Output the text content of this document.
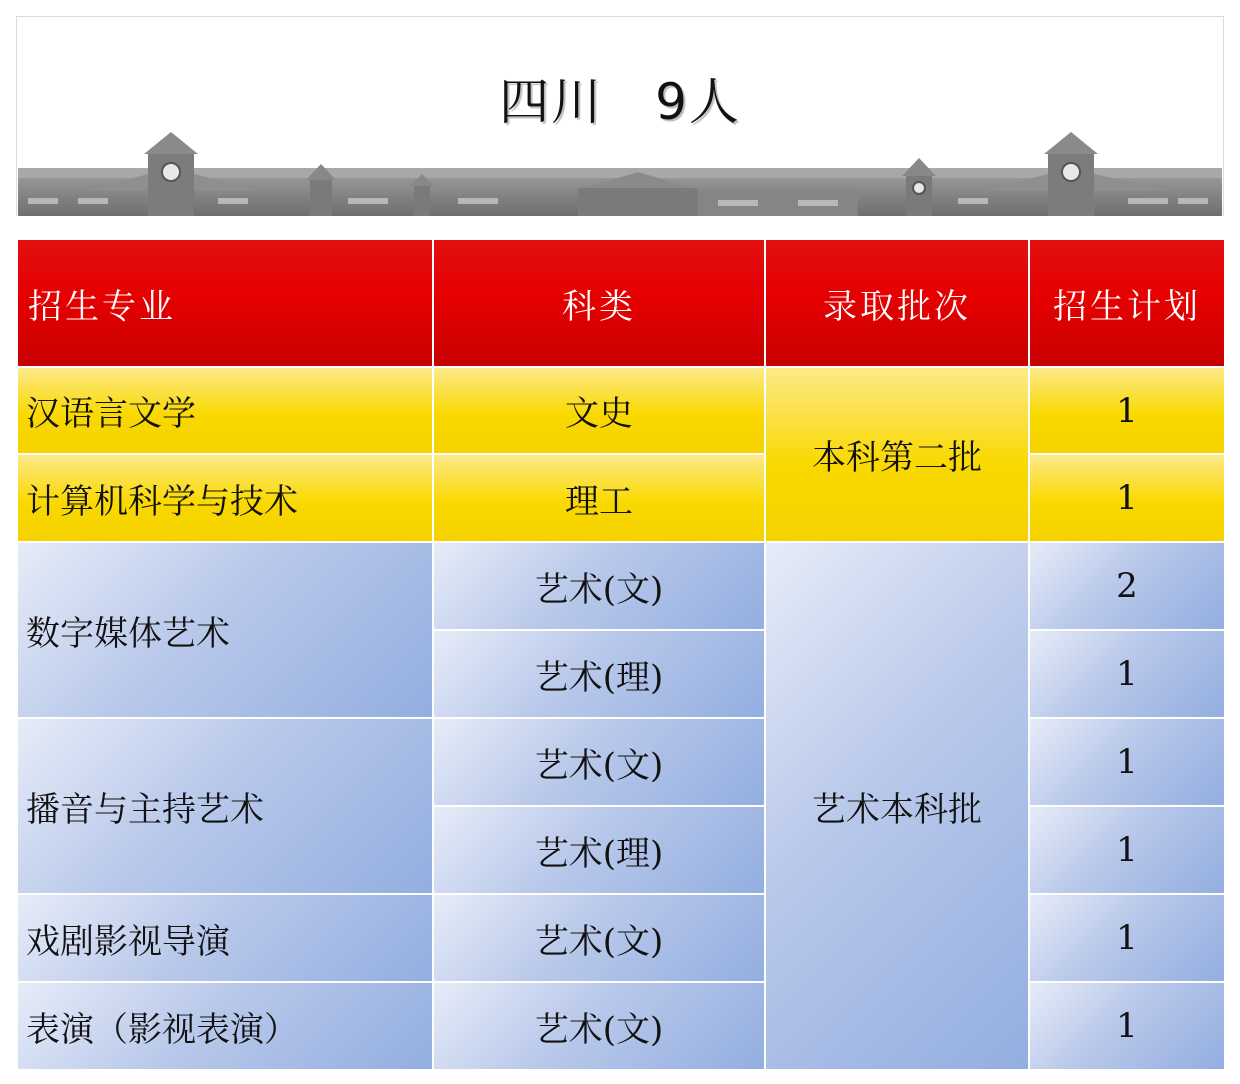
四川　9人
招生专业	科类	录取批次	招生计划
汉语言文学	文史	本科第二批	1
计算机科学与技术	理工		1
数字媒体艺术	艺术(文)	艺术本科批	2
	艺术(理)		1
播音与主持艺术	艺术(文)		1
	艺术(理)		1
戏剧影视导演	艺术(文)		1
表演（影视表演）	艺术(文)		1
